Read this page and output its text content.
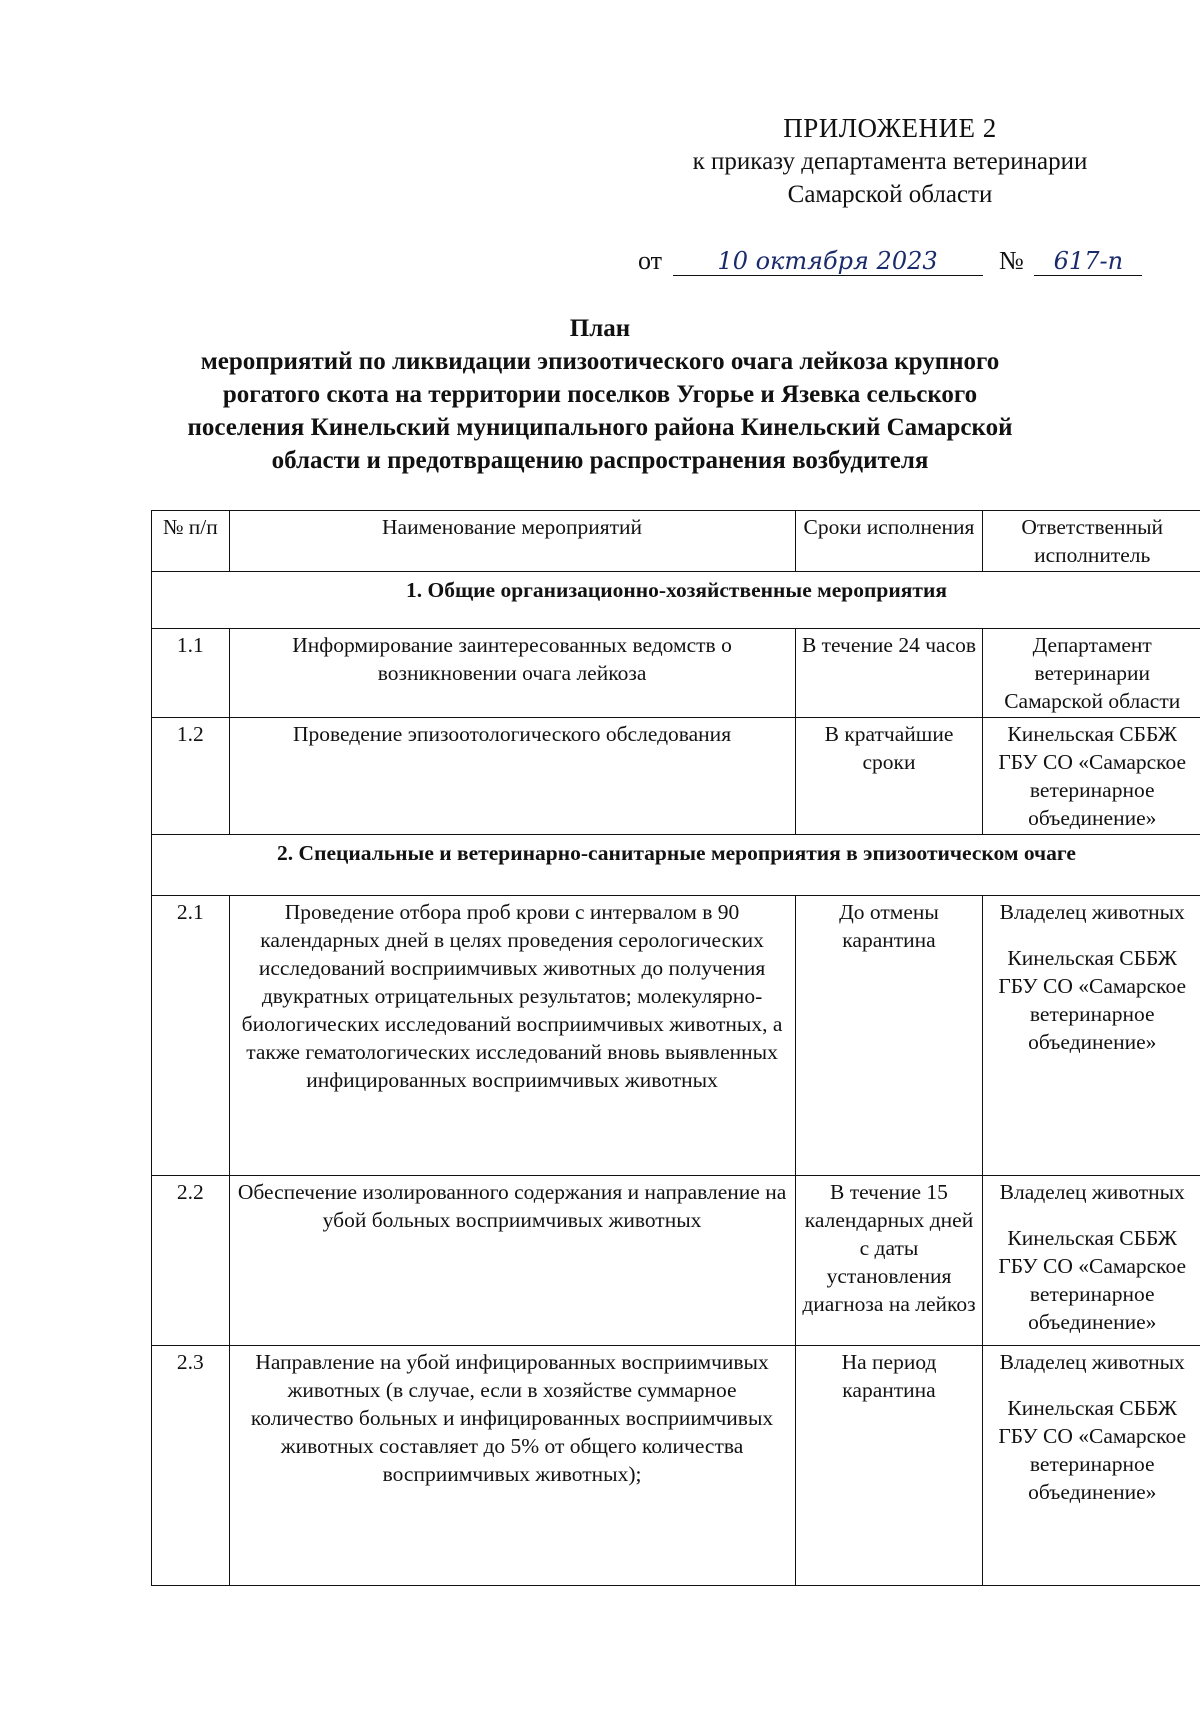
ПРИЛОЖЕНИЕ 2
к приказу департамента ветеринарии
Самарской области
от 10 октября 2023 № 617-п
План
мероприятий по ликвидации эпизоотического очага лейкоза крупного
рогатого скота на территории поселков Угорье и Язевка сельского
поселения Кинельский муниципального района Кинельский Самарской
области и предотвращению распространения возбудителя
№ п/п	Наименование мероприятий	Сроки исполнения	Ответственный исполнитель
1. Общие организационно-хозяйственные мероприятия			
1.1	Информирование заинтересованных ведомств о возникновении очага лейкоза	В течение 24 часов	Департамент ветеринарии Самарской области

1.2	Проведение эпизоотологического обследования	В кратчайшие сроки	Кинельская СББЖ ГБУ СО «Самарское ветеринарное объединение»

2. Специальные и ветеринарно-санитарные мероприятия в эпизоотическом очаге			
2.1	Проведение отбора проб крови с интервалом в 90 календарных дней в целях проведения серологических исследований восприимчивых животных до получения двукратных отрицательных результатов; молекулярно-биологических исследований восприимчивых животных, а также гематологических исследований вновь выявленных инфицированных восприимчивых животных	До отмены карантина	Владелец животных
Кинельская СББЖ ГБУ СО «Самарское ветеринарное объединение»

2.2	Обеспечение изолированного содержания и направление на убой больных восприимчивых животных	В течение 15 календарных дней с даты установления диагноза на лейкоз	Владелец животных
Кинельская СББЖ ГБУ СО «Самарское ветеринарное объединение»

2.3	Направление на убой инфицированных восприимчивых животных (в случае, если в хозяйстве суммарное количество больных и инфицированных восприимчивых животных составляет до 5% от общего количества восприимчивых животных);	На период карантина	Владелец животных
Кинельская СББЖ ГБУ СО «Самарское ветеринарное объединение»
